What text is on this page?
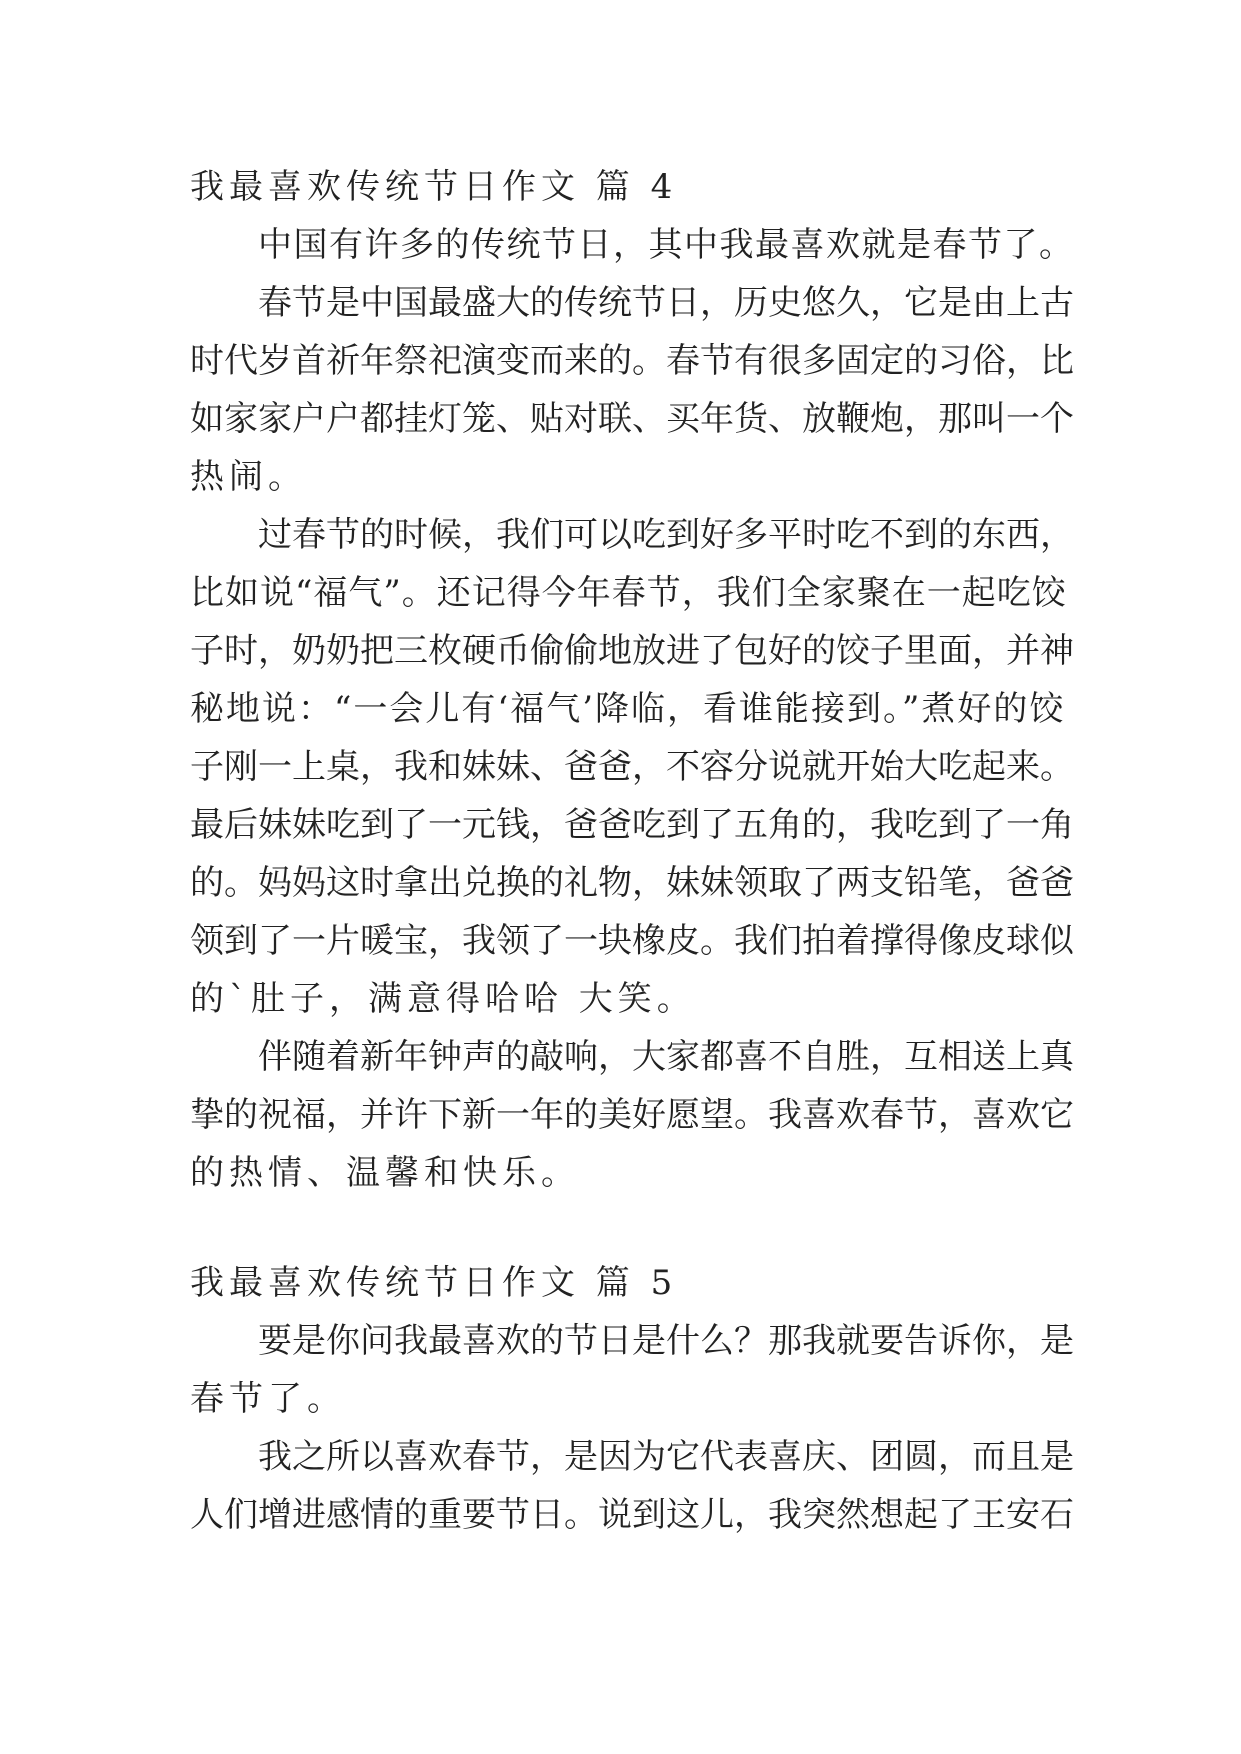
我最喜欢传统节日作文 篇 4
中国有许多的传统节日，其中我最喜欢就是春节了。
春节是中国最盛大的传统节日，历史悠久，它是由上古
时代岁首祈年祭祀演变而来的。春节有很多固定的习俗，比
如家家户户都挂灯笼、贴对联、买年货、放鞭炮，那叫一个
热闹。
过春节的时候，我们可以吃到好多平时吃不到的东西，
比如说“福气”。还记得今年春节，我们全家聚在一起吃饺
子时，奶奶把三枚硬币偷偷地放进了包好的饺子里面，并神
秘地说：“一会儿有‘福气’降临，看谁能接到。”煮好的饺
子刚一上桌，我和妹妹、爸爸，不容分说就开始大吃起来。
最后妹妹吃到了一元钱，爸爸吃到了五角的，我吃到了一角
的。妈妈这时拿出兑换的礼物，妹妹领取了两支铅笔，爸爸
领到了一片暖宝，我领了一块橡皮。我们拍着撑得像皮球似
的`肚子，满意得哈哈 大笑。
伴随着新年钟声的敲响，大家都喜不自胜，互相送上真
挚的祝福，并许下新一年的美好愿望。我喜欢春节，喜欢它
的热情、温馨和快乐。
我最喜欢传统节日作文 篇 5
要是你问我最喜欢的节日是什么？那我就要告诉你，是
春节了。
我之所以喜欢春节，是因为它代表喜庆、团圆，而且是
人们增进感情的重要节日。说到这儿，我突然想起了王安石
